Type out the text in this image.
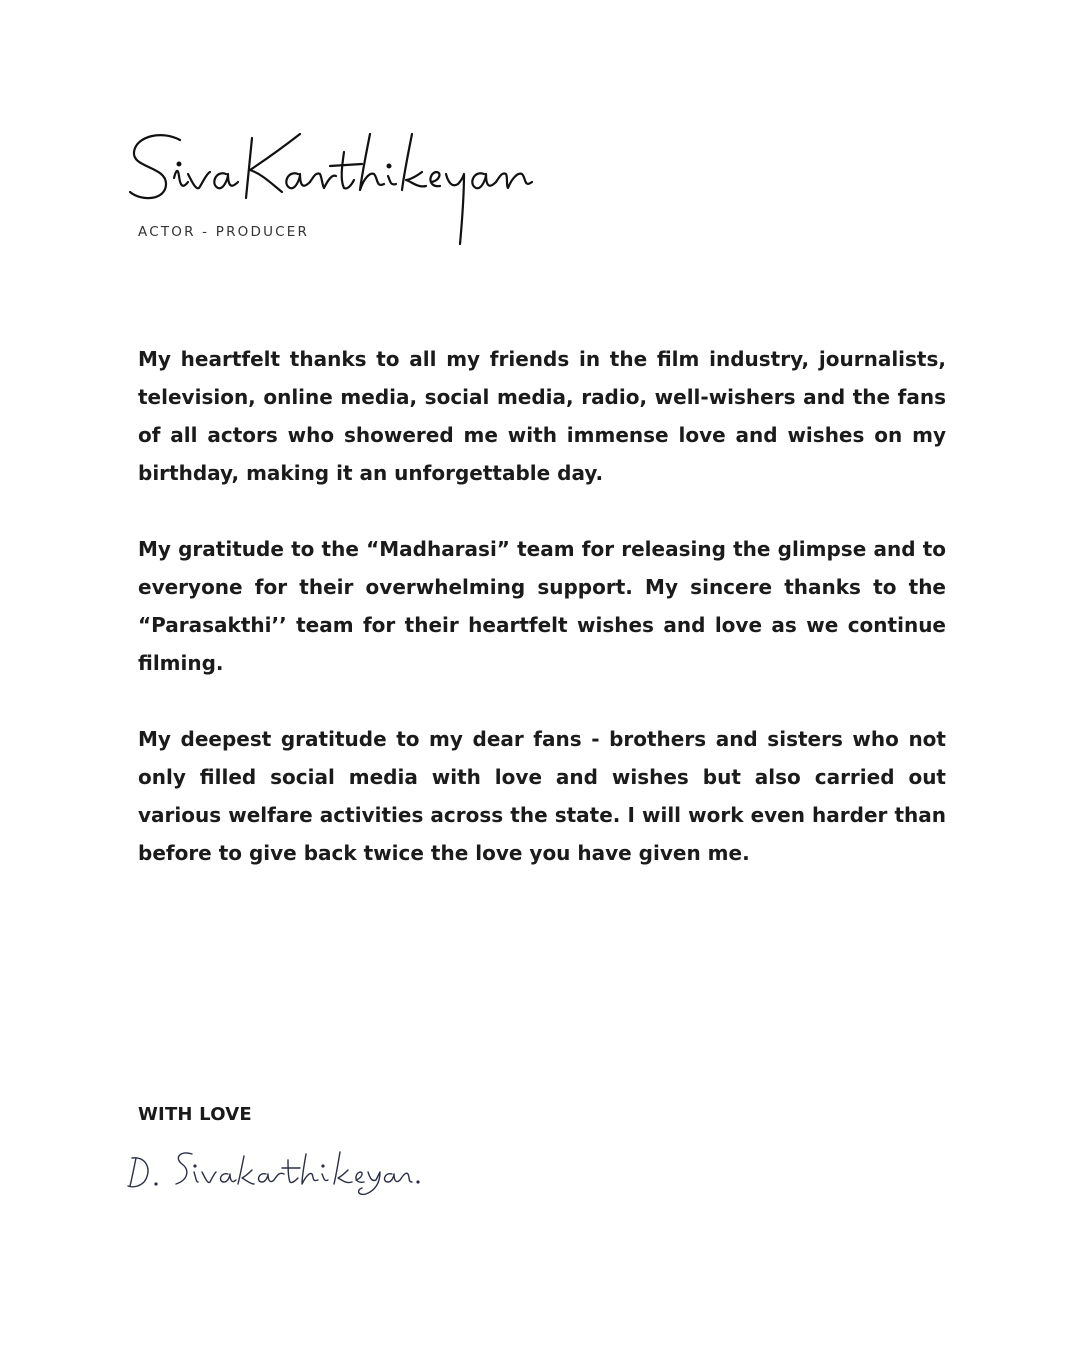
ACTOR - PRODUCER

My heartfelt thanks to all my friends in the film industry, journalists, television, online media, social media, radio, well-wishers and the fans of all actors who showered me with immense love and wishes on my birthday, making it an unforgettable day.

My gratitude to the “Madharasi” team for releasing the glimpse and to everyone for their overwhelming support. My sincere thanks to the “Parasakthi’’ team for their heartfelt wishes and love as we continue filming.

My deepest gratitude to my dear fans - brothers and sisters who not only filled social media with love and wishes but also carried out various welfare activities across the state. I will work even harder than before to give back twice the love you have given me.

WITH LOVE
